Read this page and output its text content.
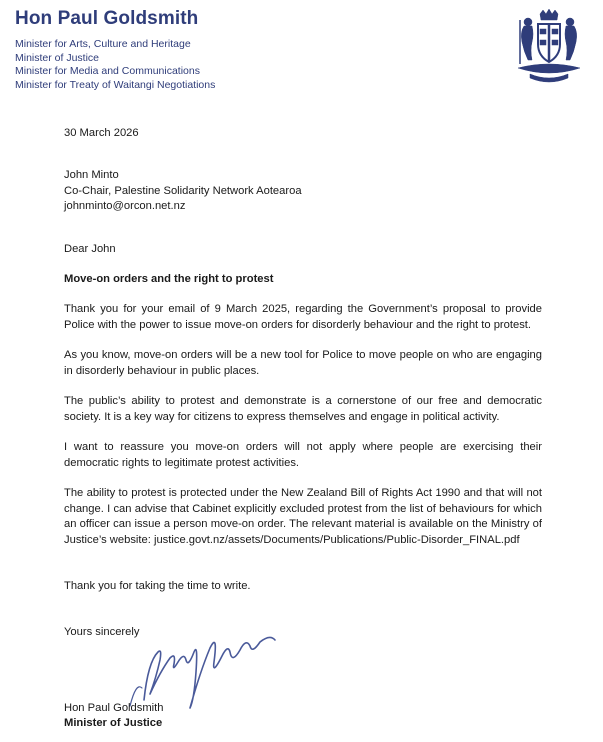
Hon Paul Goldsmith
Minister for Arts, Culture and Heritage
Minister of Justice
Minister for Media and Communications
Minister for Treaty of Waitangi Negotiations
30 March 2026
John Minto
Co-Chair, Palestine Solidarity Network Aotearoa
johnminto@orcon.net.nz
Dear John
Move-on orders and the right to protest
Thank you for your email of 9 March 2025, regarding the Government’s proposal to provide Police with the power to issue move-on orders for disorderly behaviour and the right to protest.
As you know, move-on orders will be a new tool for Police to move people on who are engaging in disorderly behaviour in public places.
The public’s ability to protest and demonstrate is a cornerstone of our free and democratic society. It is a key way for citizens to express themselves and engage in political activity.
I want to reassure you move-on orders will not apply where people are exercising their democratic rights to legitimate protest activities.
The ability to protest is protected under the New Zealand Bill of Rights Act 1990 and that will not change. I can advise that Cabinet explicitly excluded protest from the list of behaviours for which an officer can issue a person move-on order. The relevant material is available on the Ministry of Justice’s website: justice.govt.nz/assets/Documents/Publications/Public-Disorder_FINAL.pdf
Thank you for taking the time to write.
Yours sincerely
Hon Paul Goldsmith
Minister of Justice
